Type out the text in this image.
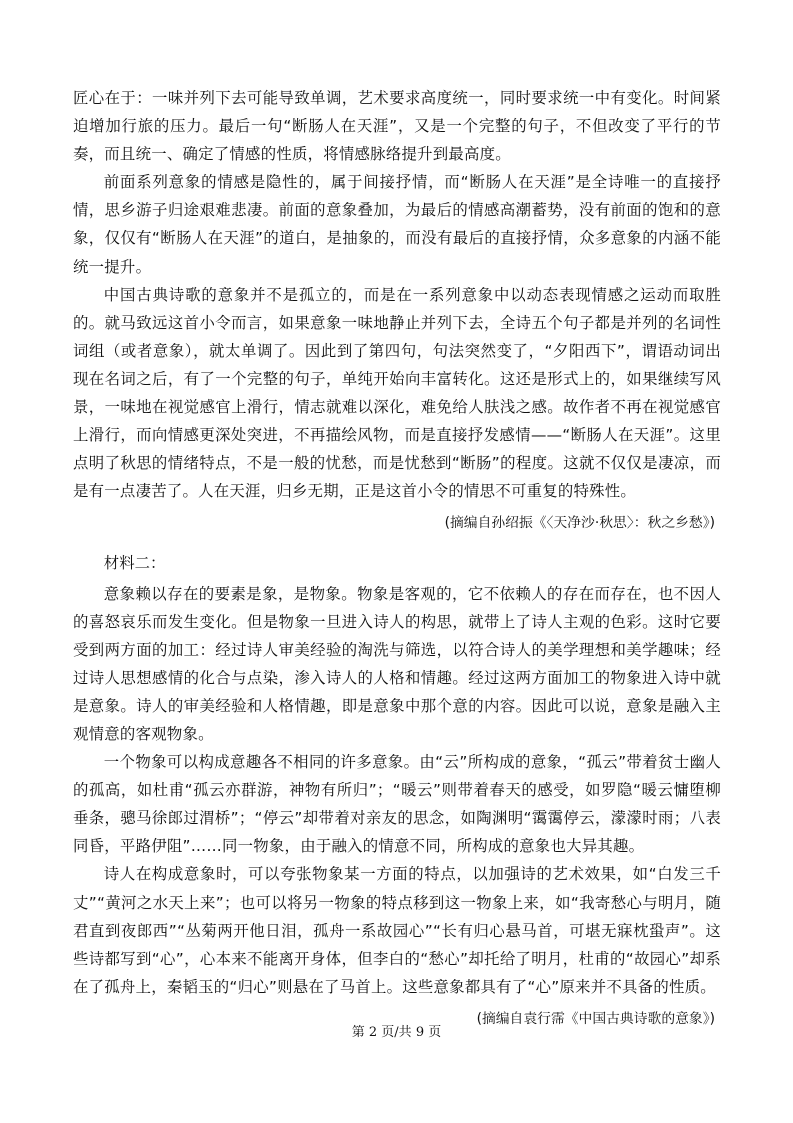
匠心在于：一味并列下去可能导致单调，艺术要求高度统一，同时要求统一中有变化。时间紧迫增加行旅的压力。最后一句“断肠人在天涯”，又是一个完整的句子，不但改变了平行的节奏，而且统一、确定了情感的性质，将情感脉络提升到最高度。

前面系列意象的情感是隐性的，属于间接抒情，而“断肠人在天涯”是全诗唯一的直接抒情，思乡游子归途艰难悲凄。前面的意象叠加，为最后的情感高潮蓄势，没有前面的饱和的意象，仅仅有“断肠人在天涯”的道白，是抽象的，而没有最后的直接抒情，众多意象的内涵不能统一提升。

中国古典诗歌的意象并不是孤立的，而是在一系列意象中以动态表现情感之运动而取胜的。就马致远这首小令而言，如果意象一味地静止并列下去，全诗五个句子都是并列的名词性词组（或者意象），就太单调了。因此到了第四句，句法突然变了，“夕阳西下”，谓语动词出现在名词之后，有了一个完整的句子，单纯开始向丰富转化。这还是形式上的，如果继续写风景，一味地在视觉感官上滑行，情志就难以深化，难免给人肤浅之感。故作者不再在视觉感官上滑行，而向情感更深处突进，不再描绘风物，而是直接抒发感情——“断肠人在天涯”。这里点明了秋思的情绪特点，不是一般的忧愁，而是忧愁到“断肠”的程度。这就不仅仅是凄凉，而是有一点凄苦了。人在天涯，归乡无期，正是这首小令的情思不可重复的特殊性。

(摘编自孙绍振《〈天净沙·秋思〉：秋之乡愁》)

材料二：

意象赖以存在的要素是象，是物象。物象是客观的，它不依赖人的存在而存在，也不因人的喜怒哀乐而发生变化。但是物象一旦进入诗人的构思，就带上了诗人主观的色彩。这时它要受到两方面的加工：经过诗人审美经验的淘洗与筛选，以符合诗人的美学理想和美学趣味；经过诗人思想感情的化合与点染，渗入诗人的人格和情趣。经过这两方面加工的物象进入诗中就是意象。诗人的审美经验和人格情趣，即是意象中那个意的内容。因此可以说，意象是融入主观情意的客观物象。

一个物象可以构成意趣各不相同的许多意象。由“云”所构成的意象，“孤云”带着贫士幽人的孤高，如杜甫“孤云亦群游，神物有所归”；“暖云”则带着春天的感受，如罗隐“暖云慵堕柳垂条，骢马徐郎过渭桥”；“停云”却带着对亲友的思念，如陶渊明“霭霭停云，濛濛时雨；八表同昏，平路伊阻”……同一物象，由于融入的情意不同，所构成的意象也大异其趣。

诗人在构成意象时，可以夸张物象某一方面的特点，以加强诗的艺术效果，如“白发三千丈”“黄河之水天上来”；也可以将另一物象的特点移到这一物象上来，如“我寄愁心与明月，随君直到夜郎西”“丛菊两开他日泪，孤舟一系故园心”“长有归心悬马首，可堪无寐枕蛩声”。这些诗都写到“心”，心本来不能离开身体，但李白的“愁心”却托给了明月，杜甫的“故园心”却系在了孤舟上，秦韬玉的“归心”则悬在了马首上。这些意象都具有了“心”原来并不具备的性质。

(摘编自袁行霈《中国古典诗歌的意象》)

第 2 页/共 9 页
